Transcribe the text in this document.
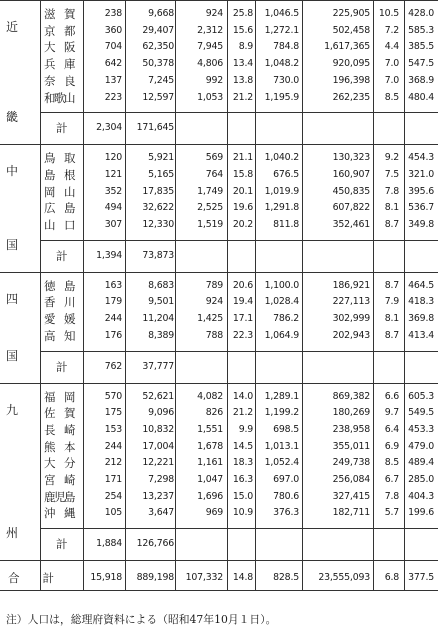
滋　賀	238	9,668	924 25.8 1,046.5	225,905 10.5 428.0
京　都	360 29,407 2,312 15.6 1,272.1	502,458 7.2 585.3
大　阪	704 62,350 7,945 8.9 784.8	1,617,365 4.4 385.5
兵　庫	642 50,378 4,806 13.4 1,048.2	920,095 7.0 547.5
奈　良	137	7,245	992 13.8 730.0	196,398 7.0 368.9
和歌山	223 12,597 1,053 21.2 1,195.9	262,235 8.5 480.4
計	2,304 171,645
近
畿
鳥　取	120	5,921	569 21.1 1,040.2	130,323 9.2 454.3
島　根	121	5,165	764 15.8 676.5	160,907 7.5 321.0
岡　山	352 17,835 1,749 20.1 1,019.9	450,835 7.8 395.6
広　島	494 32,622 2,525 19.6 1,291.8	607,822 8.1 536.7
山　口	307 12,330 1,519 20.2 811.8	352,461 8.7 349.8
計	1,394 73,873
中
国
徳　島	163	8,683	789 20.6 1,100.0	186,921 8.7 464.5
香　川	179	9,501	924 19.4 1,028.4	227,113 7.9 418.3
愛　媛	244 11,204 1,425 17.1 786.2	302,999 8.1 369.8
高　知	176	8,389	788 22.3 1,064.9	202,943 8.7 413.4
計	762 37,777
四
国
福　岡	570 52,621 4,082 14.0 1,289.1	869,382 6.6 605.3
佐　賀	175	9,096	826 21.2 1,199.2	180,269 9.7 549.5
長　崎	153 10,832 1,551 9.9 698.5	238,958 6.4 453.3
熊　本	244 17,004 1,678 14.5 1,013.1	355,011 6.9 479.0
大　分	212 12,221 1,161 18.3 1,052.4	249,738 8.5 489.4
宮　崎	171	7,298 1,047 16.3 697.0	256,084 6.7 285.0
鹿児島	254 13,237 1,696 15.0 780.6	327,415 7.8 404.3
沖　縄	105	3,647	969 10.9 376.3	182,711 5.7 199.6
計	1,884 126,766
九
州
合　　計	15,918 889,198 107,332 14.8 828.5 23,555,093 6.8 377.5
注）人口は，総理府資料による（昭和47年10月１日）。
